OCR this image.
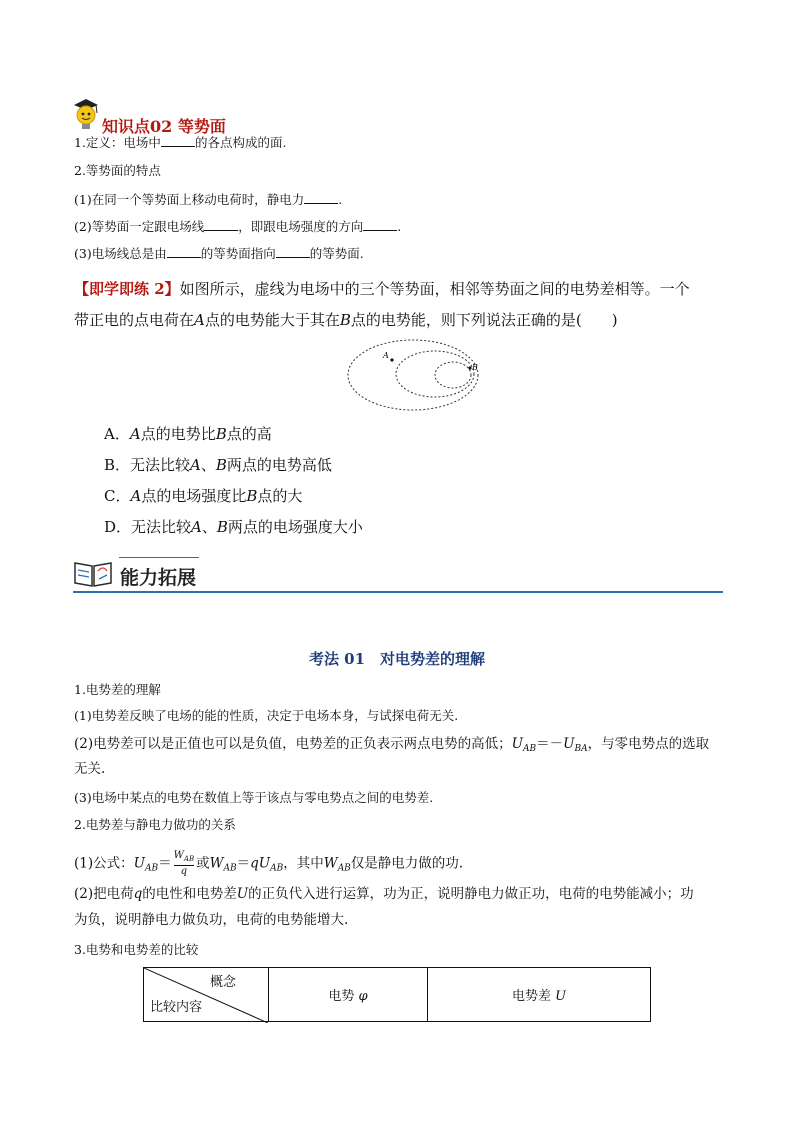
知识点02 等势面
1.定义：电场中	的各点构成的面.
2.等势面的特点
(1)在同一个等势面上移动电荷时，静电力	.
(2)等势面一定跟电场线	，即跟电场强度的方向	.
(3)电场线总是由	的等势面指向	的等势面.
【即学即练 2】如图所示，虚线为电场中的三个等势面，相邻等势面之间的电势差相等。一个
带正电的点电荷在A点的电势能大于其在B点的电势能，则下列说法正确的是(　　)
A
B
A．A点的电势比B点的高
B．无法比较A、B两点的电势高低
C．A点的电场强度比B点的大
D．无法比较A、B两点的电场强度大小
能力拓展
考法 01　对电势差的理解
1.电势差的理解
(1)电势差反映了电场的能的性质，决定于电场本身，与试探电荷无关.
(2)电势差可以是正值也可以是负值，电势差的正负表示两点电势的高低；$U_{AB}=-U_{BA}$，与零电势点的选取
无关.
(3)电场中某点的电势在数值上等于该点与零电势点之间的电势差.
2.电势差与静电力做功的关系
(1)公式：$U_{AB}= W_{AB}$
q 或$W_{AB}=qU_{AB}$，其中$W_{AB}$仅是静电力做的功.
(2)把电荷q的电性和电势差U的正负代入进行运算，功为正，说明静电力做正功，电荷的电势能减小；功
为负，说明静电力做负功，电荷的电势能增大.
3.电势和电势差的比较
概念
比较内容
	电势 φ	电势差 U
